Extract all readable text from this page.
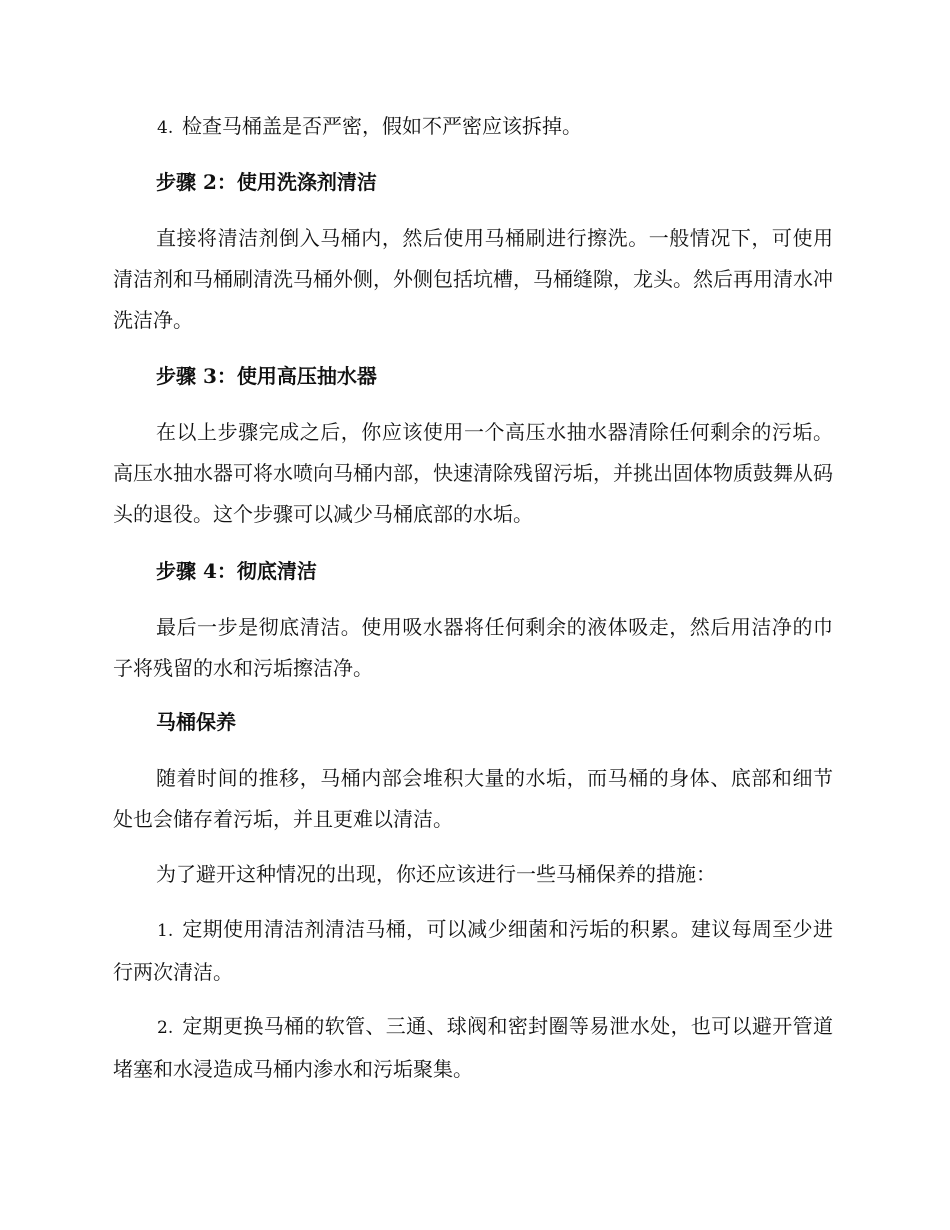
4. 检查马桶盖是否严密，假如不严密应该拆掉。

步骤 2：使用洗涤剂清洁

直接将清洁剂倒入马桶内，然后使用马桶刷进行擦洗。一般情况下，可使用清洁剂和马桶刷清洗马桶外侧，外侧包括坑槽，马桶缝隙，龙头。然后再用清水冲洗洁净。

步骤 3：使用高压抽水器

在以上步骤完成之后，你应该使用一个高压水抽水器清除任何剩余的污垢。高压水抽水器可将水喷向马桶内部，快速清除残留污垢，并挑出固体物质鼓舞从码头的退役。这个步骤可以减少马桶底部的水垢。

步骤 4：彻底清洁

最后一步是彻底清洁。使用吸水器将任何剩余的液体吸走，然后用洁净的巾子将残留的水和污垢擦洁净。

马桶保养

随着时间的推移，马桶内部会堆积大量的水垢，而马桶的身体、底部和细节处也会储存着污垢，并且更难以清洁。

为了避开这种情况的出现，你还应该进行一些马桶保养的措施：

1. 定期使用清洁剂清洁马桶，可以减少细菌和污垢的积累。建议每周至少进行两次清洁。

2. 定期更换马桶的软管、三通、球阀和密封圈等易泄水处，也可以避开管道堵塞和水浸造成马桶内渗水和污垢聚集。
